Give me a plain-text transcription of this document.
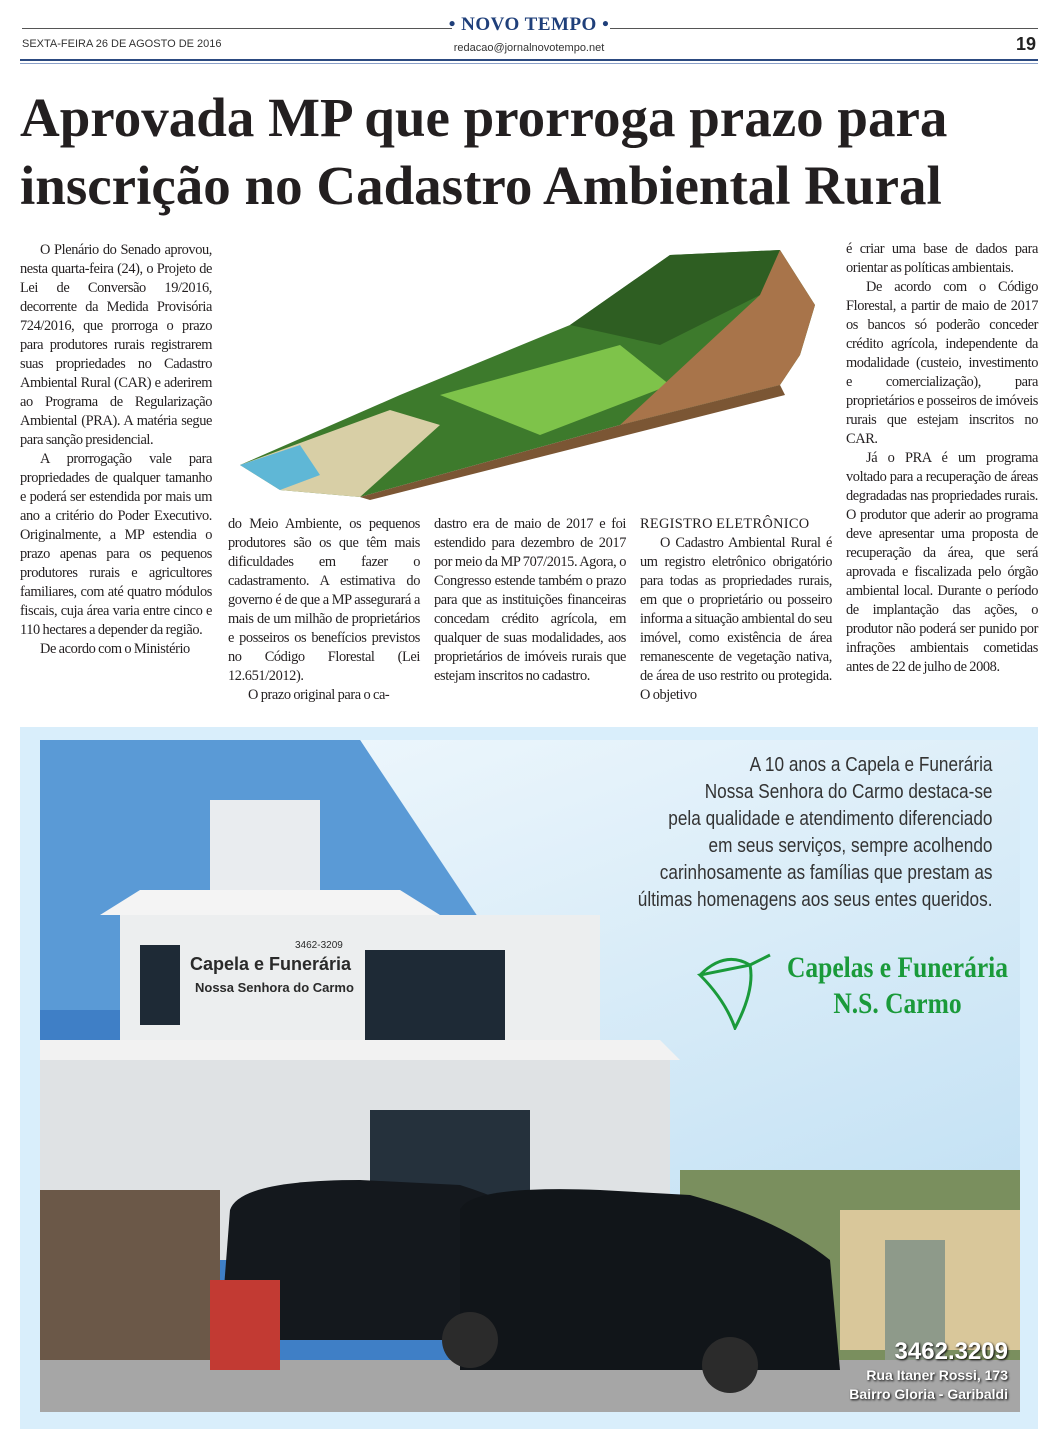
• NOVO TEMPO •
SEXTA-FEIRA 26 DE AGOSTO DE 2016	redacao@jornalnovotempo.net	19
Aprovada MP que prorroga prazo para inscrição no Cadastro Ambiental Rural

O Plenário do Senado aprovou, nesta quarta-feira (24), o Projeto de Lei de Conversão 19/2016, decorrente da Medida Provisória 724/2016, que prorroga o prazo para produtores rurais registrarem suas propriedades no Cadastro Ambiental Rural (CAR) e aderirem ao Programa de Regularização Ambiental (PRA). A matéria segue para sanção presidencial.

A prorrogação vale para propriedades de qualquer tamanho e poderá ser estendida por mais um ano a critério do Poder Executivo. Originalmente, a MP estendia o prazo apenas para os pequenos produtores rurais e agricultores familiares, com até quatro módulos fiscais, cuja área varia entre cinco e 110 hectares a depender da região.

De acordo com o Ministério

do Meio Ambiente, os pequenos produtores são os que têm mais dificuldades em fazer o cadastramento. A estimativa do governo é de que a MP assegurará a mais de um milhão de proprietários e posseiros os benefícios previstos no Código Florestal (Lei 12.651/2012).

O prazo original para o ca-

dastro era de maio de 2017 e foi estendido para dezembro de 2017 por meio da MP 707/2015. Agora, o Congresso estende também o prazo para que as instituições financeiras concedam crédito agrícola, em qualquer de suas modalidades, aos proprietários de imóveis rurais que estejam inscritos no cadastro.

REGISTRO ELETRÔNICO

O Cadastro Ambiental Rural é um registro eletrônico obrigatório para todas as propriedades rurais, em que o proprietário ou posseiro informa a situação ambiental do seu imóvel, como existência de área remanescente de vegetação nativa, de área de uso restrito ou protegida. O objetivo

é criar uma base de dados para orientar as políticas ambientais.

De acordo com o Código Florestal, a partir de maio de 2017 os bancos só poderão conceder crédito agrícola, independente da modalidade (custeio, investimento e comercialização), para proprietários e posseiros de imóveis rurais que estejam inscritos no CAR.

Já o PRA é um programa voltado para a recuperação de áreas degradadas nas propriedades rurais. O produtor que aderir ao programa deve apresentar uma proposta de recuperação da área, que será aprovada e fiscalizada pelo órgão ambiental local. Durante o período de implantação das ações, o produtor não poderá ser punido por infrações ambientais cometidas antes de 22 de julho de 2008.

Capela e Funerária
Nossa Senhora do Carmo
3462-3209
A 10 anos a Capela e Funerária
Nossa Senhora do Carmo destaca-se
pela qualidade e atendimento diferenciado
em seus serviços, sempre acolhendo
carinhosamente as famílias que prestam as
últimas homenagens aos seus entes queridos.
Capelas e Funerária
N.S. Carmo
3462.3209
Rua Itaner Rossi, 173
Bairro Gloria - Garibaldi
